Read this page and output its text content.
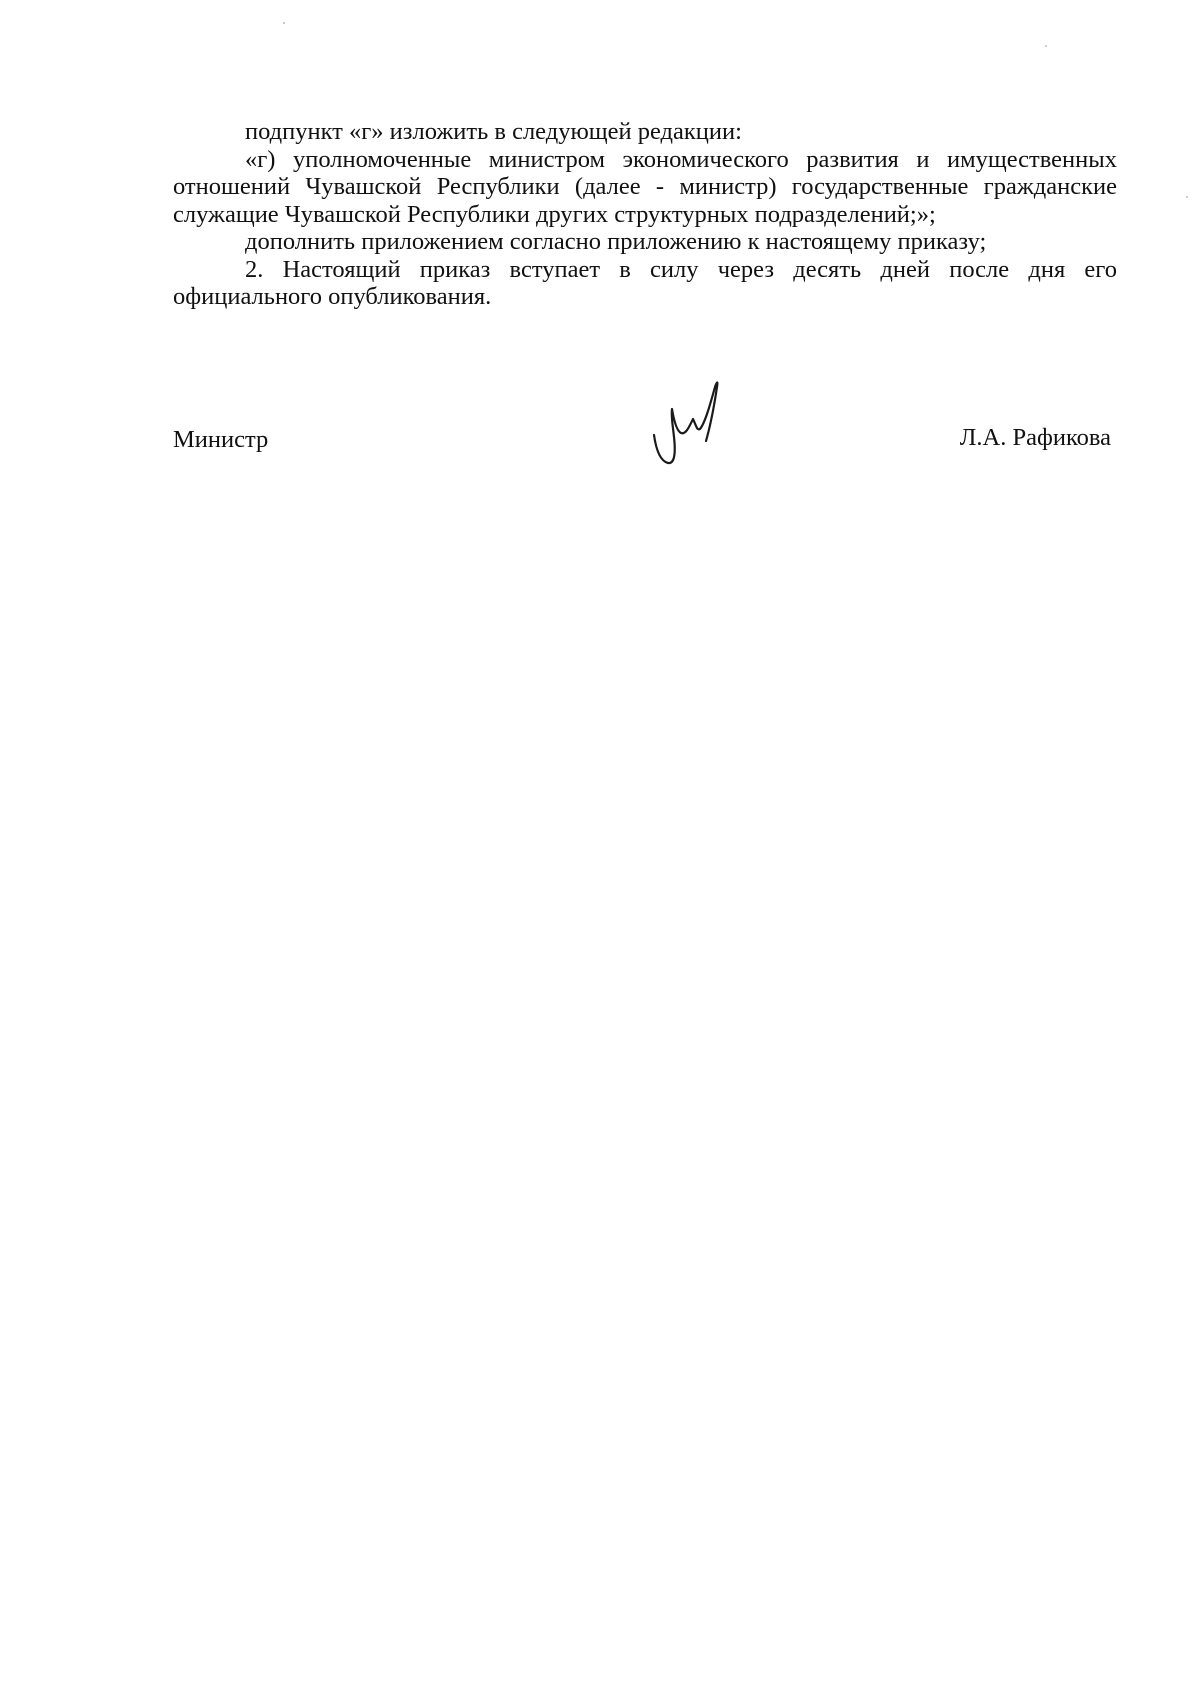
подпункт «г» изложить в следующей редакции:

«г) уполномоченные министром экономического развития и имущественных отношений Чувашской Республики (далее - министр) государственные гражданские служащие Чувашской Республики других структурных подразделений;»;

дополнить приложением согласно приложению к настоящему приказу;

2. Настоящий приказ вступает в силу через десять дней после дня его официального опубликования.

Министр	Л.А. Рафикова
